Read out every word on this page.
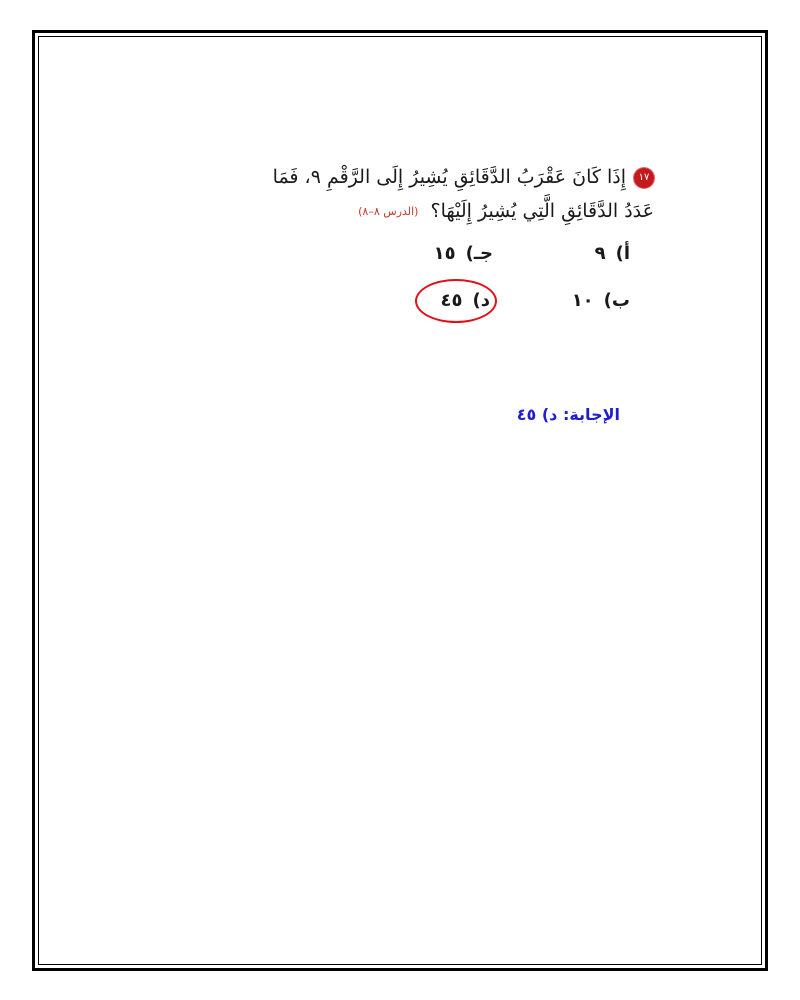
١٧إِذَا كَانَ عَقْرَبُ الدَّقَائِقِ يُشِيرُ إِلَى الرَّقْمِ ٩، فَمَا
عَدَدُ الدَّقَائِقِ الَّتِي يُشِيرُ إِلَيْهَا؟(الدرس ٨–٨)
أ)٩
جـ)١٥
ب)١٠
د)٤٥
الإجابة: د) ٤٥
